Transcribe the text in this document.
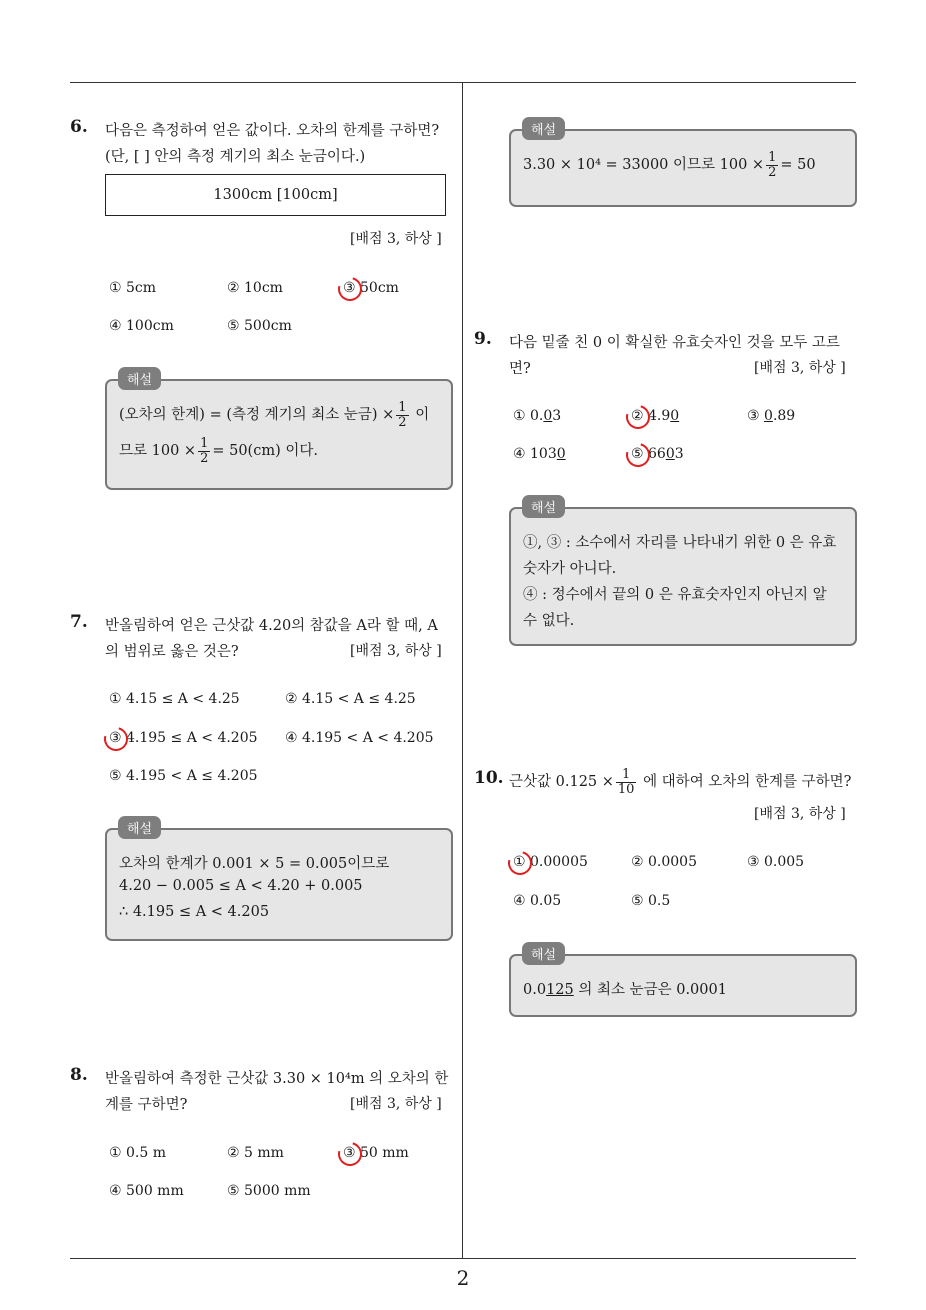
6. 다음은 측정하여 얻은 값이다. 오차의 한계를 구하면?
(단, [ ] 안의 측정 계기의 최소 눈금이다.)
1300cm [100cm]
[배점 3, 하상 ]
① 5cm	② 10cm	③ 50cm
④ 100cm	⑤ 500cm
(오차의 한계) = (측정 계기의 최소 눈금) × $\frac{1}{2}$ 이
므로 $100 \times \frac{1}{2} = 50(cm)$ 이다.
해설
7. 반올림하여 얻은 근삿값 4.20의 참값을 A라 할 때, A
의 범위로 옳은 것은?	[배점 3, 하상 ]
① 4.15 ≤ A < 4.25	② 4.15 < A ≤ 4.25
③ 4.195 ≤ A < 4.205 ④ 4.195 < A < 4.205
⑤ 4.195 < A ≤ 4.205
오차의 한계가 0.001 × 5 = 0.005이므로
4.20 − 0.005 ≤ A < 4.20 + 0.005
∴ 4.195 ≤ A < 4.205
해설
8. 반올림하여 측정한 근삿값 3.30 × 10⁴m 의 오차의 한
계를 구하면?	[배점 3, 하상 ]
① 0.5 m	② 5 mm	③ 50 mm
④ 500 mm	⑤ 5000 mm
3.30 × 10⁴ = 33000 이므로 $100 \times \frac{1}{2} = 50$
해설
9. 다음 밑줄 친 0 이 확실한 유효숫자인 것을 모두 고르
면?	[배점 3, 하상 ]
① 0.03	② 4.90	③ 0.89
④ 1030	⑤ 6603
①, ③ : 소수에서 자리를 나타내기 위한 0 은 유효
숫자가 아니다.
④ : 정수에서 끝의 0 은 유효숫자인지 아닌지 알
수 없다.
해설
10. 근삿값 $0.125 \times \frac{1}{10}$ 에 대하여 오차의 한계를 구하면?
[배점 3, 하상 ]
① 0.00005	② 0.0005	③ 0.005
④ 0.05	⑤ 0.5
0.0125 의 최소 눈금은 0.0001
해설
2
